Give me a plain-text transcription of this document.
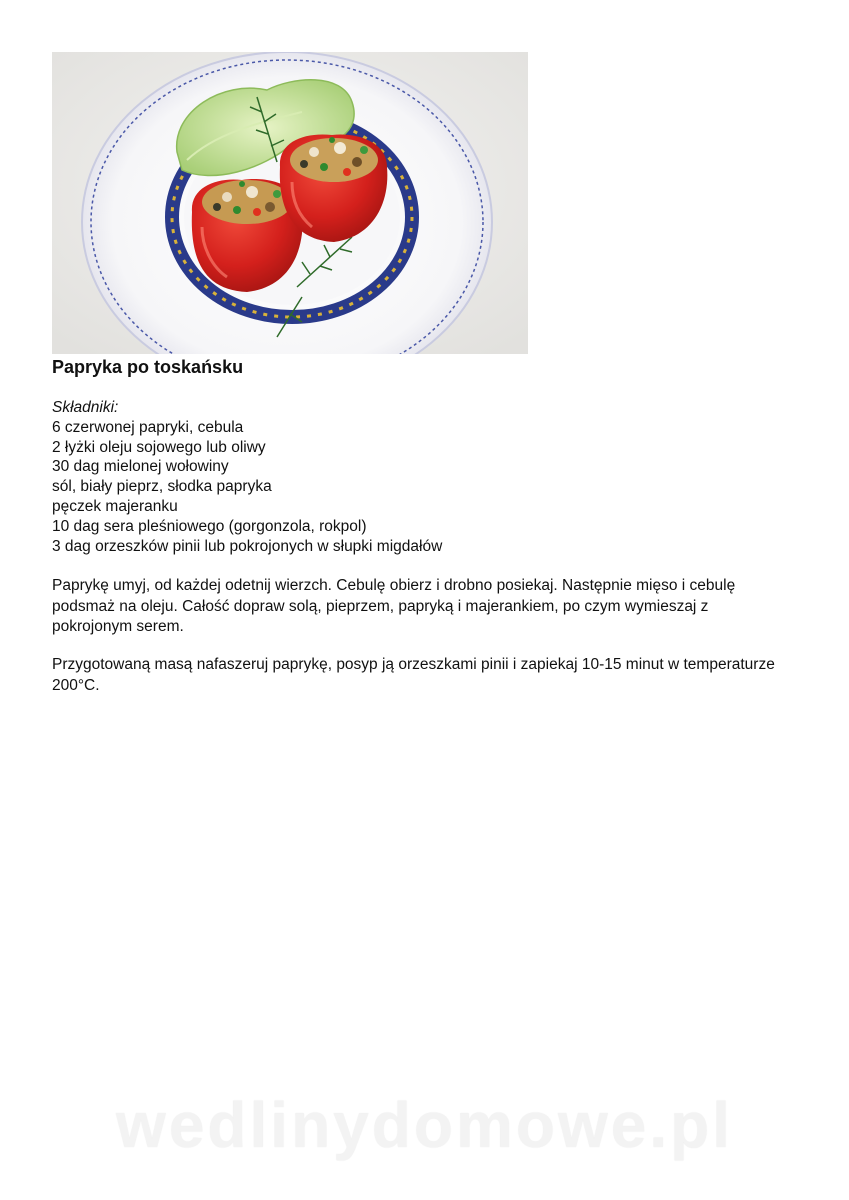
Papryka po toskańsku
Składniki:
6 czerwonej papryki, cebula
2 łyżki oleju sojowego lub oliwy
30 dag mielonej wołowiny
sól, biały pieprz, słodka papryka
pęczek majeranku
10 dag sera pleśniowego (gorgonzola, rokpol)
3 dag orzeszków pinii lub pokrojonych w słupki migdałów

Paprykę umyj, od każdej odetnij wierzch. Cebulę obierz i drobno posiekaj. Następnie mięso i cebulę podsmaż na oleju. Całość dopraw solą, pieprzem, papryką i majerankiem, po czym wymieszaj z pokrojonym serem.

Przygotowaną masą nafaszeruj paprykę, posyp ją orzeszkami pinii i zapiekaj 10-15 minut w temperaturze 200°C.

wedlinydomowe.pl
